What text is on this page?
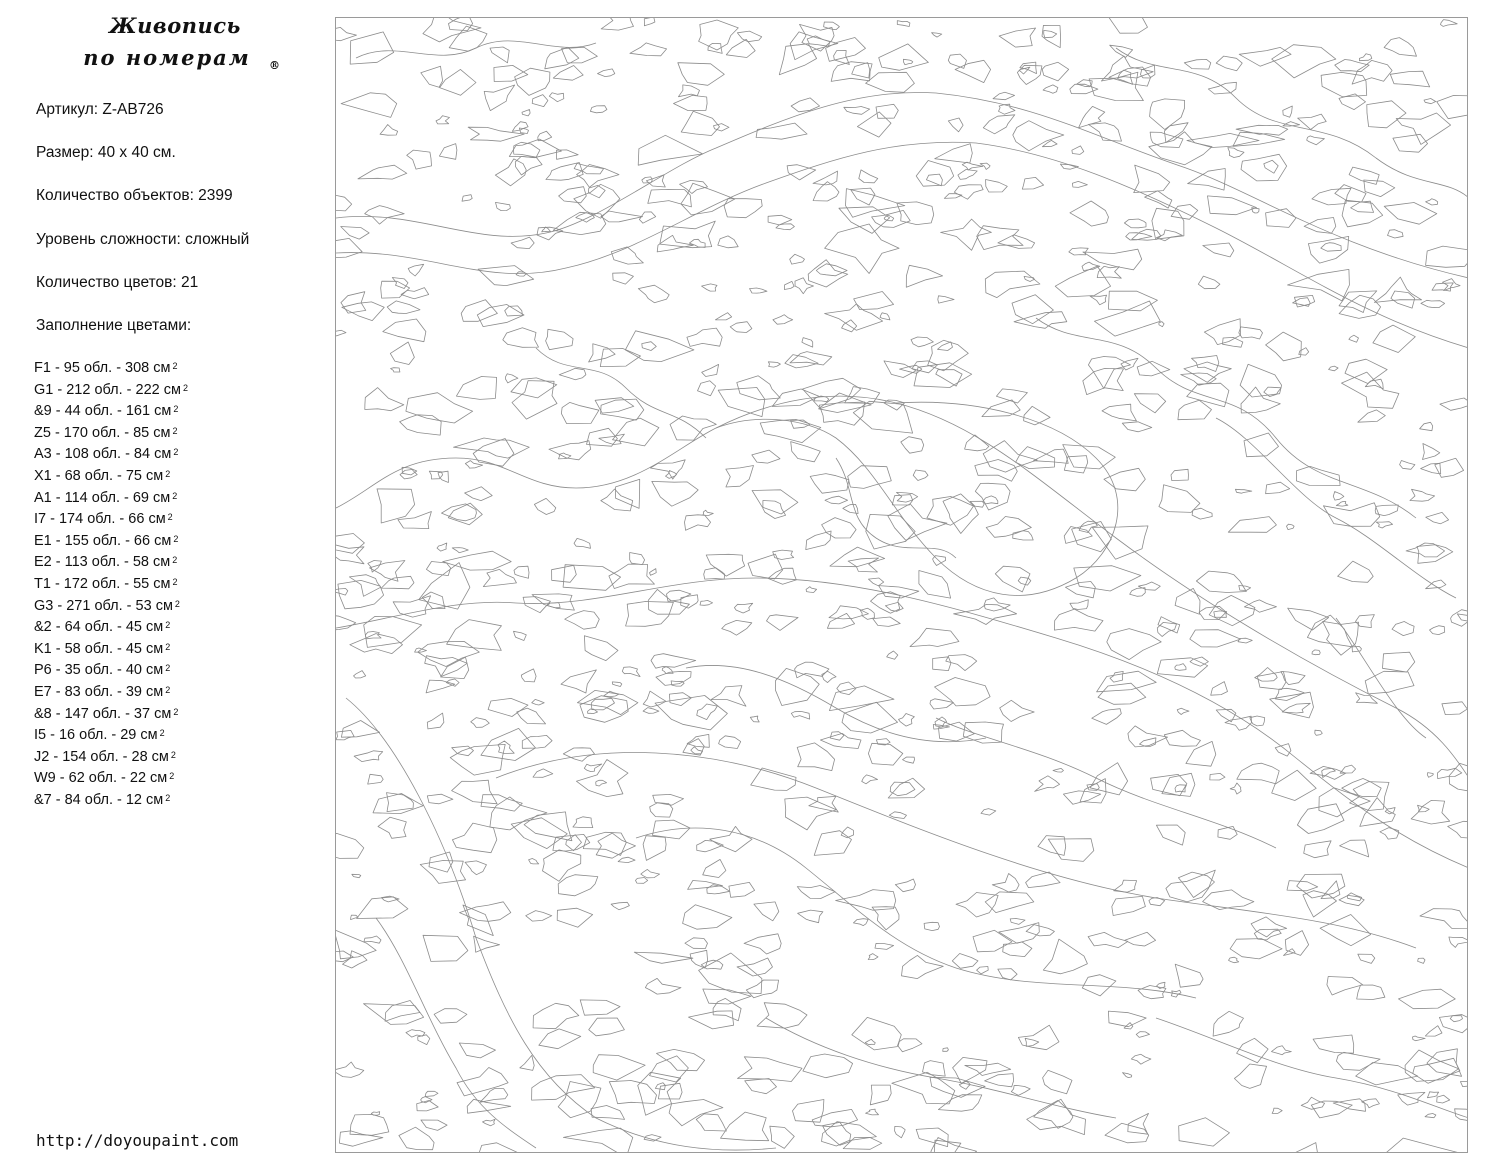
Живопись
по номерам	®
Артикул: Z-AB726
Размер: 40 x 40 см.
Количество объектов: 2399
Уровень сложности: сложный
Количество цветов: 21
Заполнение цветами:
F1 - 95 обл. - 308 см $^2$
G1 - 212 обл. - 222 см $^2$
&9 - 44 обл. - 161 см $^2$
Z5 - 170 обл. - 85 см $^2$
A3 - 108 обл. - 84 см $^2$
X1 - 68 обл. - 75 см $^2$
A1 - 114 обл. - 69 см $^2$
I7 - 174 обл. - 66 см $^2$
E1 - 155 обл. - 66 см $^2$
E2 - 113 обл. - 58 см $^2$
T1 - 172 обл. - 55 см $^2$
G3 - 271 обл. - 53 см $^2$
&2 - 64 обл. - 45 см $^2$
K1 - 58 обл. - 45 см $^2$
P6 - 35 обл. - 40 см $^2$
E7 - 83 обл. - 39 см $^2$
&8 - 147 обл. - 37 см $^2$
I5 - 16 обл. - 29 см $^2$
J2 - 154 обл. - 28 см $^2$
W9 - 62 обл. - 22 см $^2$
&7 - 84 обл. - 12 см $^2$
http://doyoupaint.com
